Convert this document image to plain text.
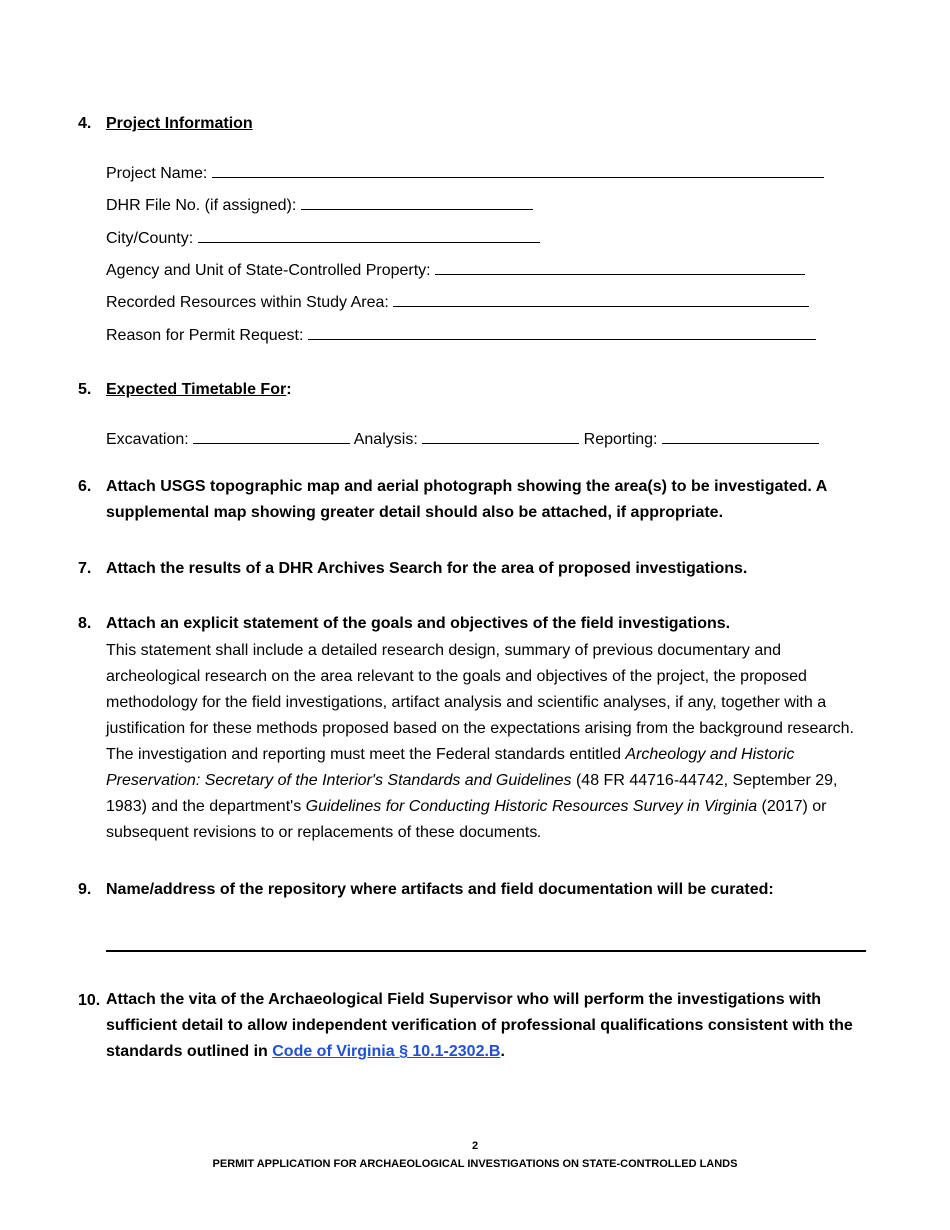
4. Project Information
Project Name:
DHR File No. (if assigned):
City/County:
Agency and Unit of State-Controlled Property:
Recorded Resources within Study Area:
Reason for Permit Request:
5. Expected Timetable For:
Excavation:	Analysis:	Reporting:
6. Attach USGS topographic map and aerial photograph showing the area(s) to be investigated. A
supplemental map showing greater detail should also be attached, if appropriate.
7. Attach the results of a DHR Archives Search for the area of proposed investigations.
8. Attach an explicit statement of the goals and objectives of the field investigations.
This statement shall include a detailed research design, summary of previous documentary and archeological research on the area relevant to the goals and objectives of the project, the proposed methodology for the field investigations, artifact analysis and scientific analyses, if any, together with a justification for these methods proposed based on the expectations arising from the background research. The investigation and reporting must meet the Federal standards entitled Archeology and Historic Preservation: Secretary of the Interior's Standards and Guidelines (48 FR 44716-44742, September 29, 1983) and the department's Guidelines for Conducting Historic Resources Survey in Virginia (2017) or subsequent revisions to or replacements of these documents.
9. Name/address of the repository where artifacts and field documentation will be curated:
10. Attach the vita of the Archaeological Field Supervisor who will perform the investigations with sufficient detail to allow independent verification of professional qualifications consistent with the standards outlined in Code of Virginia § 10.1-2302.B.
2
PERMIT APPLICATION FOR ARCHAEOLOGICAL INVESTIGATIONS ON STATE-CONTROLLED LANDS
